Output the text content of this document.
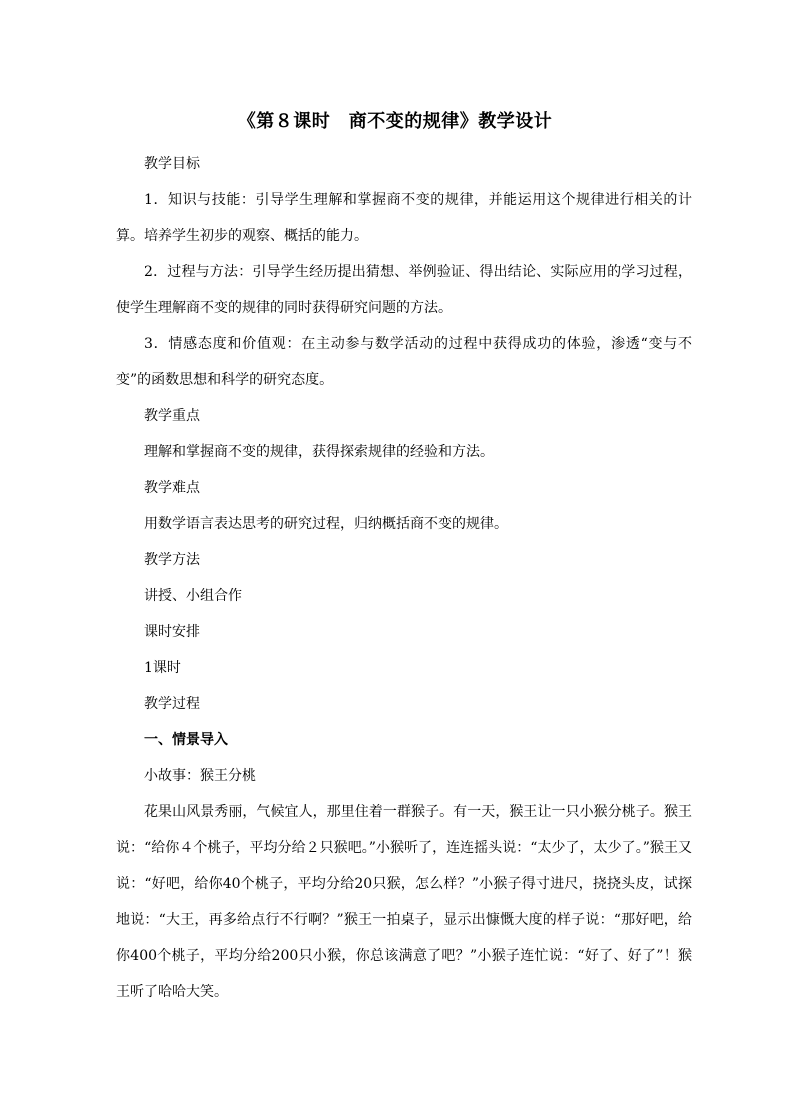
《第８课时　商不变的规律》教学设计

教学目标

1．知识与技能：引导学生理解和掌握商不变的规律，并能运用这个规律进行相关的计算。培养学生初步的观察、概括的能力。

2．过程与方法：引导学生经历提出猜想、举例验证、得出结论、实际应用的学习过程，使学生理解商不变的规律的同时获得研究问题的方法。

3．情感态度和价值观：在主动参与数学活动的过程中获得成功的体验，渗透“变与不变”的函数思想和科学的研究态度。

教学重点

理解和掌握商不变的规律，获得探索规律的经验和方法。

教学难点

用数学语言表达思考的研究过程，归纳概括商不变的规律。

教学方法

讲授、小组合作

课时安排

1课时

教学过程

一、情景导入

小故事：猴王分桃

花果山风景秀丽，气候宜人，那里住着一群猴子。有一天，猴王让一只小猴分桃子。猴王说：“给你４个桃子，平均分给２只猴吧。”小猴听了，连连摇头说：“太少了，太少了。”猴王又说：“好吧，给你40个桃子，平均分给20只猴，怎么样？”小猴子得寸进尺，挠挠头皮，试探地说：“大王，再多给点行不行啊？”猴王一拍桌子，显示出慷慨大度的样子说：“那好吧，给你400个桃子，平均分给200只小猴，你总该满意了吧？”小猴子连忙说：“好了、好了”！猴王听了哈哈大笑。
